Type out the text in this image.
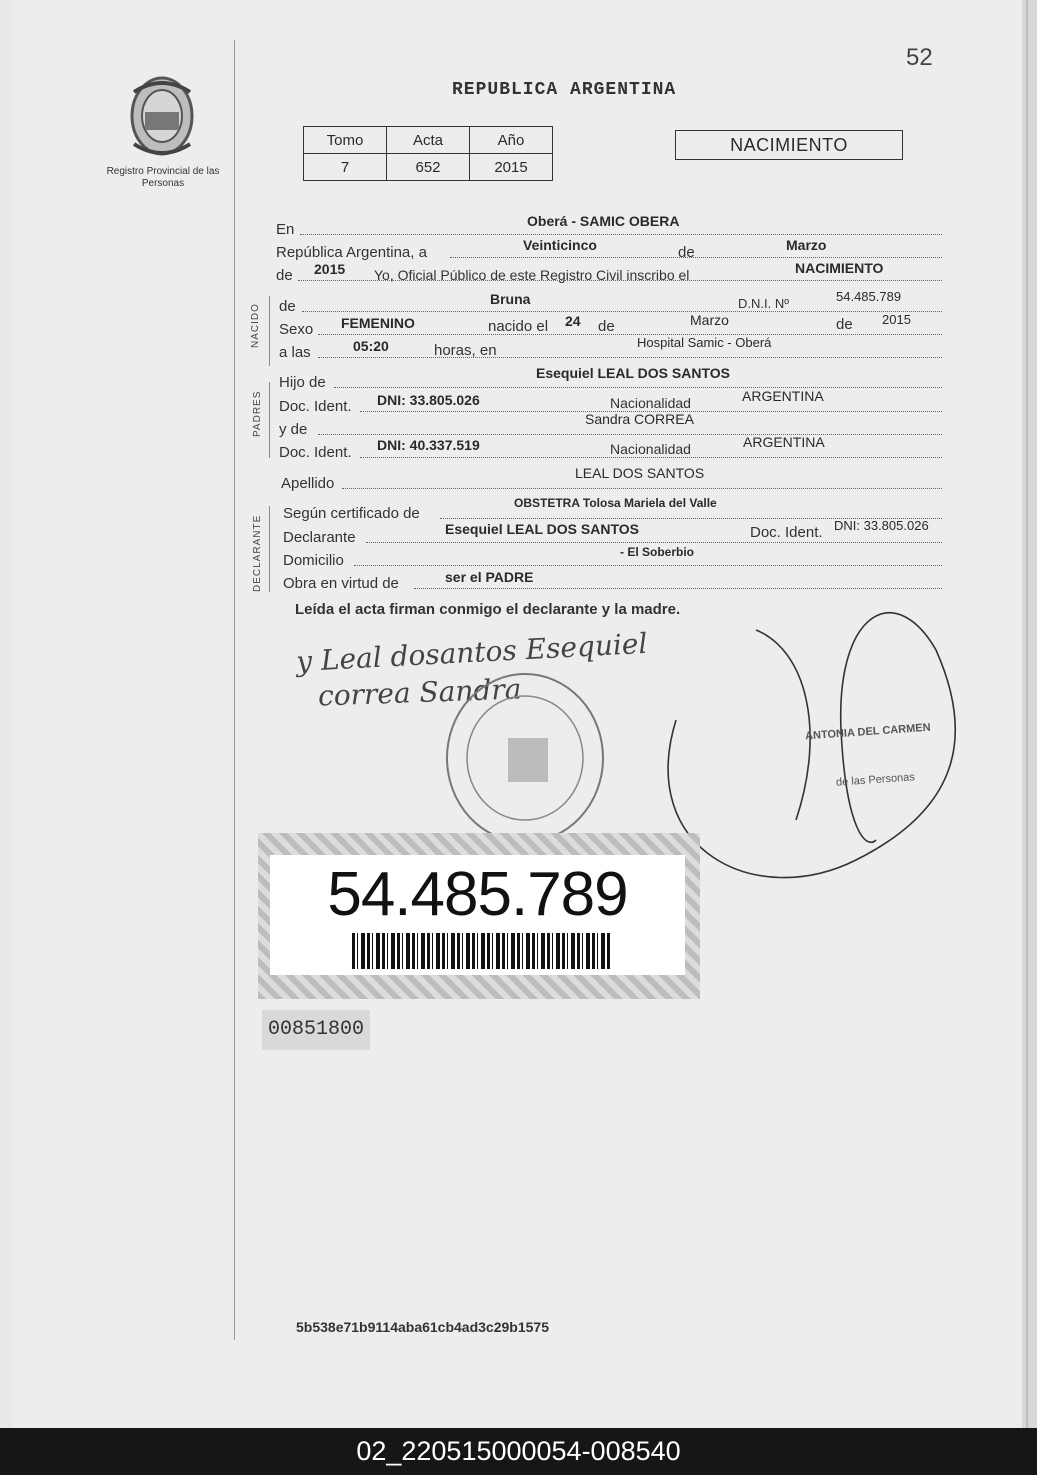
52
Registro Provincial de las Personas
REPUBLICA ARGENTINA
Tomo	Acta	Año
7	652	2015
NACIMIENTO
En	Oberá - SAMIC OBERA
República Argentina, a	Veinticinco	de	Marzo
de 2015 Yo, Oficial Público de este Registro Civil inscribo el	NACIMIENTO
NACIDO de	Bruna	D.N.I. Nº	54.485.789
Sexo FEMENINO	nacido el 24 de	Marzo	de 2015
a las	05:20	horas, en	Hospital Samic - Oberá
PADRES
Hijo de
Esequiel LEAL DOS SANTOS
Doc. Ident. DNI: 33.805.026	Nacionalidad	ARGENTINA
y de
Sandra CORREA
Doc. Ident. DNI: 40.337.519	Nacionalidad	ARGENTINA
Apellido
LEAL DOS SANTOS
DECLARANTE
Según certificado de
OBSTETRA Tolosa Mariela del Valle
Declarante	Esequiel LEAL DOS SANTOS	Doc. Ident. DNI: 33.805.026
Domicilio	- El Soberbio
Obra en virtud de	ser el PADRE
Leída el acta firman conmigo el declarante y la madre.
y Leal dosantos Esequiel
correa Sandra
ANTONIA DEL CARMEN
de las Personas
54.485.789
00851800
5b538e71b9114aba61cb4ad3c29b1575
02_220515000054-008540
